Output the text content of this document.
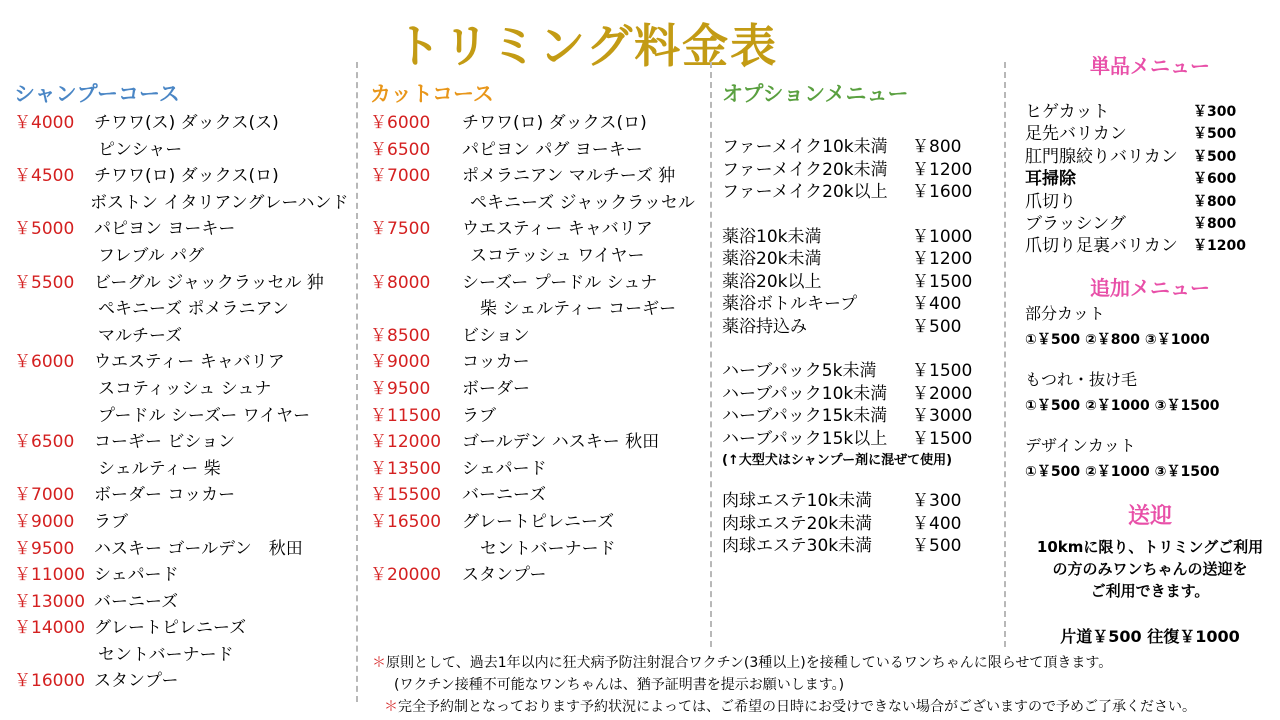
トリミング料金表
シャンプーコース
￥4000	チワワ(ス) ダックス(ス)
ピンシャー
￥4500	チワワ(ロ) ダックス(ロ)
ボストン イタリアングレーハンド
￥5000	パピヨン ヨーキー
フレブル パグ
￥5500	ビーグル ジャックラッセル 狆
ペキニーズ ポメラニアン
マルチーズ
￥6000	ウエスティー キャバリア
スコティッシュ シュナ
プードル シーズー ワイヤー
￥6500	コーギー ビション
シェルティー 柴
￥7000	ボーダー コッカー
￥9000	ラブ
￥9500	ハスキー ゴールデン　秋田
￥11000 シェパード
￥13000 バーニーズ
￥14000 グレートピレニーズ
セントバーナード
￥16000 スタンプー
カットコース
￥6000	チワワ(ロ) ダックス(ロ)
￥6500	パピヨン パグ ヨーキー
￥7000	ポメラニアン マルチーズ 狆
ペキニーズ ジャックラッセル
￥7500	ウエスティー キャバリア
スコテッシュ ワイヤー
￥8000	シーズー プードル シュナ
柴 シェルティー コーギー
￥8500	ビション
￥9000	コッカー
￥9500	ボーダー
￥11500	ラブ
￥12000	ゴールデン ハスキー 秋田
￥13500	シェパード
￥15500	バーニーズ
￥16500	グレートピレニーズ
セントバーナード
￥20000	スタンプー
オプションメニュー
ファーメイク10k未満	￥800
ファーメイク20k未満	￥1200
ファーメイク20k以上	￥1600
薬浴10k未満	￥1000
薬浴20k未満	￥1200
薬浴20k以上	￥1500
薬浴ボトルキープ	￥400
薬浴持込み	￥500
ハーブパック5k未満	￥1500
ハーブパック10k未満	￥2000
ハーブパック15k未満	￥3000
ハーブパック15k以上	￥1500
(↑大型犬はシャンプー剤に混ぜて使用)
肉球エステ10k未満	￥300
肉球エステ20k未満	￥400
肉球エステ30k未満	￥500
単品メニュー
ヒゲカット	￥300
足先バリカン	￥500
肛門腺絞りバリカン	￥500
耳掃除	￥600
爪切り	￥800
ブラッシング	￥800
爪切り足裏バリカン	￥1200
追加メニュー
部分カット
①￥500 ②￥800 ③￥1000
もつれ・抜け毛
①￥500 ②￥1000 ③￥1500
デザインカット
①￥500 ②￥1000 ③￥1500
送迎
10kmに限り、トリミングご利用
の方のみワンちゃんの送迎を
ご利用できます。
片道￥500 往復￥1000
＊原則として、過去1年以内に狂犬病予防注射混合ワクチン(3種以上)を接種しているワンちゃんに限らせて頂きます。
(ワクチン接種不可能なワンちゃんは、猶予証明書を提示お願いします。)
＊完全予約制となっております予約状況によっては、ご希望の日時にお受けできない場合がございますので予めご了承ください。
